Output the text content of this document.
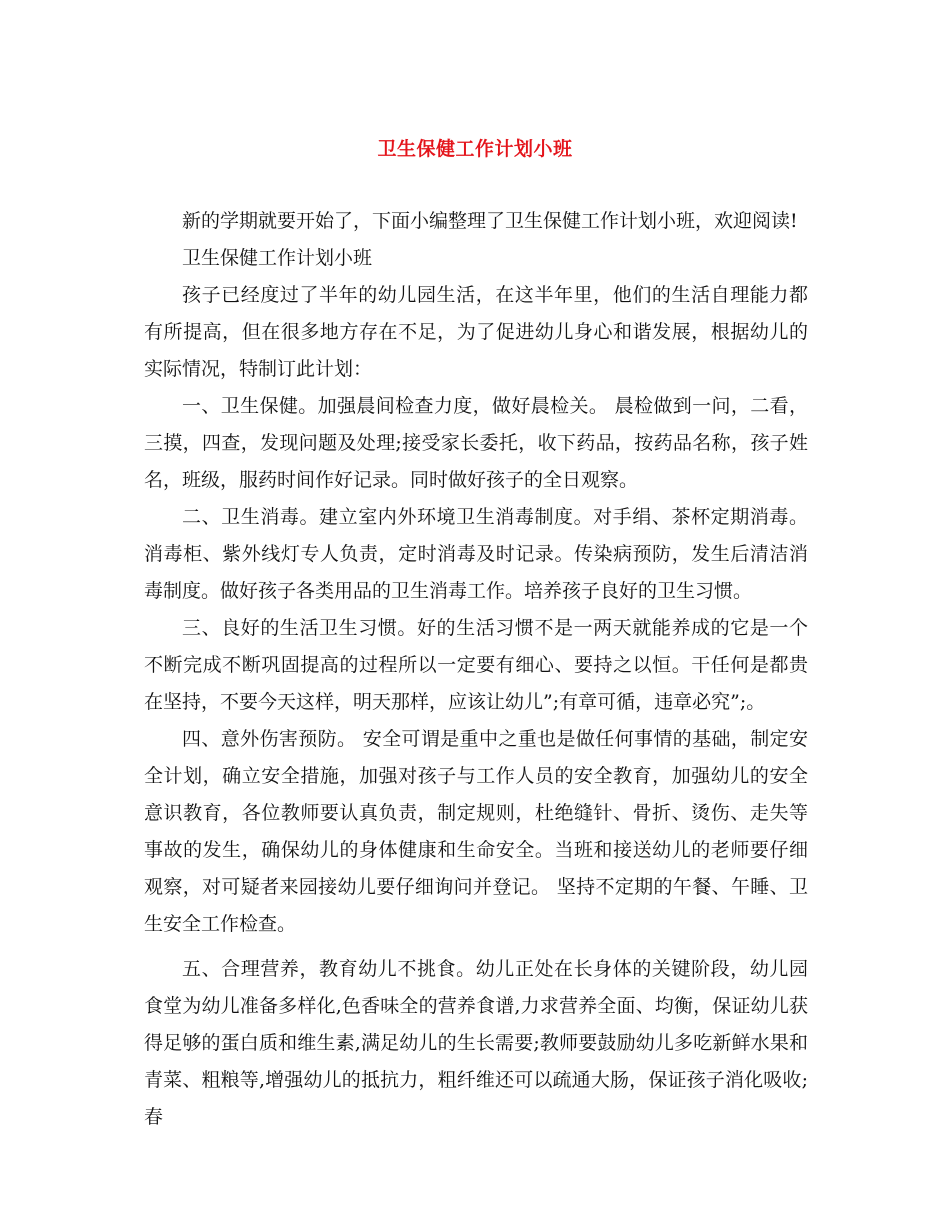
卫生保健工作计划小班

新的学期就要开始了，下面小编整理了卫生保健工作计划小班，欢迎阅读!

卫生保健工作计划小班

孩子已经度过了半年的幼儿园生活，在这半年里，他们的生活自理能力都有所提高，但在很多地方存在不足，为了促进幼儿身心和谐发展，根据幼儿的实际情况，特制订此计划：

一、卫生保健。加强晨间检查力度，做好晨检关。 晨检做到一问，二看，三摸，四查，发现问题及处理;接受家长委托，收下药品，按药品名称，孩子姓名，班级，服药时间作好记录。同时做好孩子的全日观察。

二、卫生消毒。建立室内外环境卫生消毒制度。对手绢、茶杯定期消毒。消毒柜、紫外线灯专人负责，定时消毒及时记录。传染病预防，发生后清洁消毒制度。做好孩子各类用品的卫生消毒工作。培养孩子良好的卫生习惯。

三、良好的生活卫生习惯。好的生活习惯不是一两天就能养成的它是一个不断完成不断巩固提高的过程所以一定要有细心、要持之以恒。干任何是都贵在坚持，不要今天这样，明天那样，应该让幼儿”;有章可循，违章必究”;。

四、意外伤害预防。 安全可谓是重中之重也是做任何事情的基础，制定安全计划，确立安全措施，加强对孩子与工作人员的安全教育，加强幼儿的安全意识教育，各位教师要认真负责，制定规则，杜绝缝针、骨折、烫伤、走失等事故的发生，确保幼儿的身体健康和生命安全。当班和接送幼儿的老师要仔细观察，对可疑者来园接幼儿要仔细询问并登记。 坚持不定期的午餐、午睡、卫生安全工作检查。

五、合理营养，教育幼儿不挑食。幼儿正处在长身体的关键阶段，幼儿园食堂为幼儿准备多样化,色香味全的营养食谱,力求营养全面、均衡，保证幼儿获得足够的蛋白质和维生素,满足幼儿的生长需要;教师要鼓励幼儿多吃新鲜水果和青菜、粗粮等,增强幼儿的抵抗力，粗纤维还可以疏通大肠，保证孩子消化吸收;春
